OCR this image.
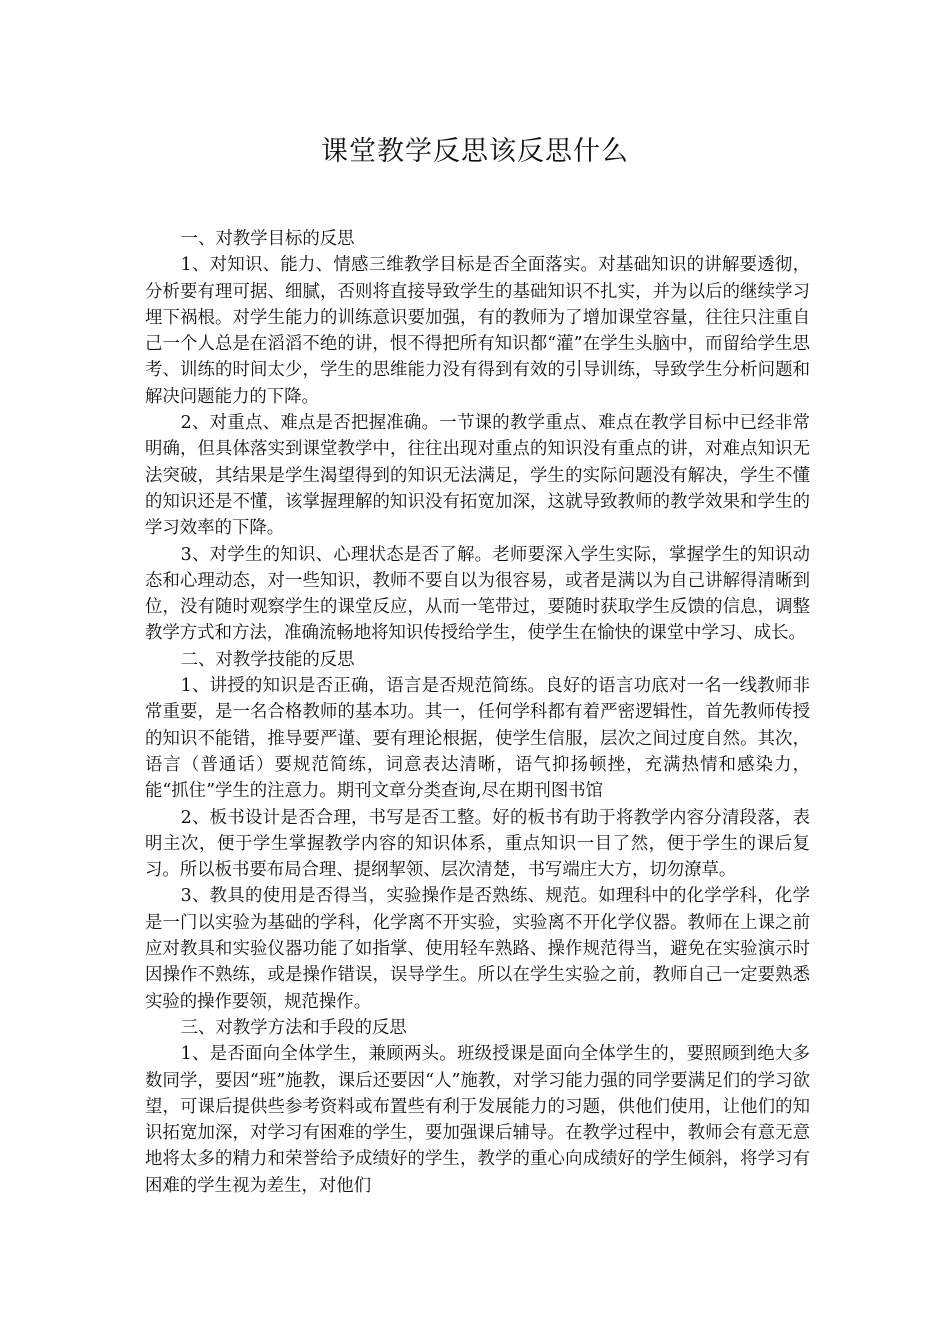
课堂教学反思该反思什么

一、对教学目标的反思

1、对知识、能力、情感三维教学目标是否全面落实。对基础知识的讲解要透彻，分析要有理可据、细腻，否则将直接导致学生的基础知识不扎实，并为以后的继续学习埋下祸根。对学生能力的训练意识要加强，有的教师为了增加课堂容量，往往只注重自己一个人总是在滔滔不绝的讲，恨不得把所有知识都“灌”在学生头脑中，而留给学生思考、训练的时间太少，学生的思维能力没有得到有效的引导训练，导致学生分析问题和解决问题能力的下降。

2、对重点、难点是否把握准确。一节课的教学重点、难点在教学目标中已经非常明确，但具体落实到课堂教学中，往往出现对重点的知识没有重点的讲，对难点知识无法突破，其结果是学生渴望得到的知识无法满足，学生的实际问题没有解决，学生不懂的知识还是不懂，该掌握理解的知识没有拓宽加深，这就导致教师的教学效果和学生的学习效率的下降。

3、对学生的知识、心理状态是否了解。老师要深入学生实际，掌握学生的知识动态和心理动态，对一些知识，教师不要自以为很容易，或者是满以为自己讲解得清晰到位，没有随时观察学生的课堂反应，从而一笔带过，要随时获取学生反馈的信息，调整教学方式和方法，准确流畅地将知识传授给学生，使学生在愉快的课堂中学习、成长。

二、对教学技能的反思

1、讲授的知识是否正确，语言是否规范简练。良好的语言功底对一名一线教师非常重要，是一名合格教师的基本功。其一，任何学科都有着严密逻辑性，首先教师传授的知识不能错，推导要严谨、要有理论根据，使学生信服，层次之间过度自然。其次，语言（普通话）要规范简练，词意表达清晰，语气抑扬顿挫，充满热情和感染力，能“抓住”学生的注意力。期刊文章分类查询,尽在期刊图书馆

2、板书设计是否合理，书写是否工整。好的板书有助于将教学内容分清段落，表明主次，便于学生掌握教学内容的知识体系，重点知识一目了然，便于学生的课后复习。所以板书要布局合理、提纲挈领、层次清楚，书写端庄大方，切勿潦草。

3、教具的使用是否得当，实验操作是否熟练、规范。如理科中的化学学科，化学是一门以实验为基础的学科，化学离不开实验，实验离不开化学仪器。教师在上课之前应对教具和实验仪器功能了如指掌、使用轻车熟路、操作规范得当，避免在实验演示时因操作不熟练，或是操作错误，误导学生。所以在学生实验之前，教师自己一定要熟悉实验的操作要领，规范操作。

三、对教学方法和手段的反思

1、是否面向全体学生，兼顾两头。班级授课是面向全体学生的，要照顾到绝大多数同学，要因“班”施教，课后还要因“人”施教，对学习能力强的同学要满足们的学习欲望，可课后提供些参考资料或布置些有利于发展能力的习题，供他们使用，让他们的知识拓宽加深，对学习有困难的学生，要加强课后辅导。在教学过程中，教师会有意无意地将太多的精力和荣誉给予成绩好的学生，教学的重心向成绩好的学生倾斜，将学习有困难的学生视为差生，对他们
